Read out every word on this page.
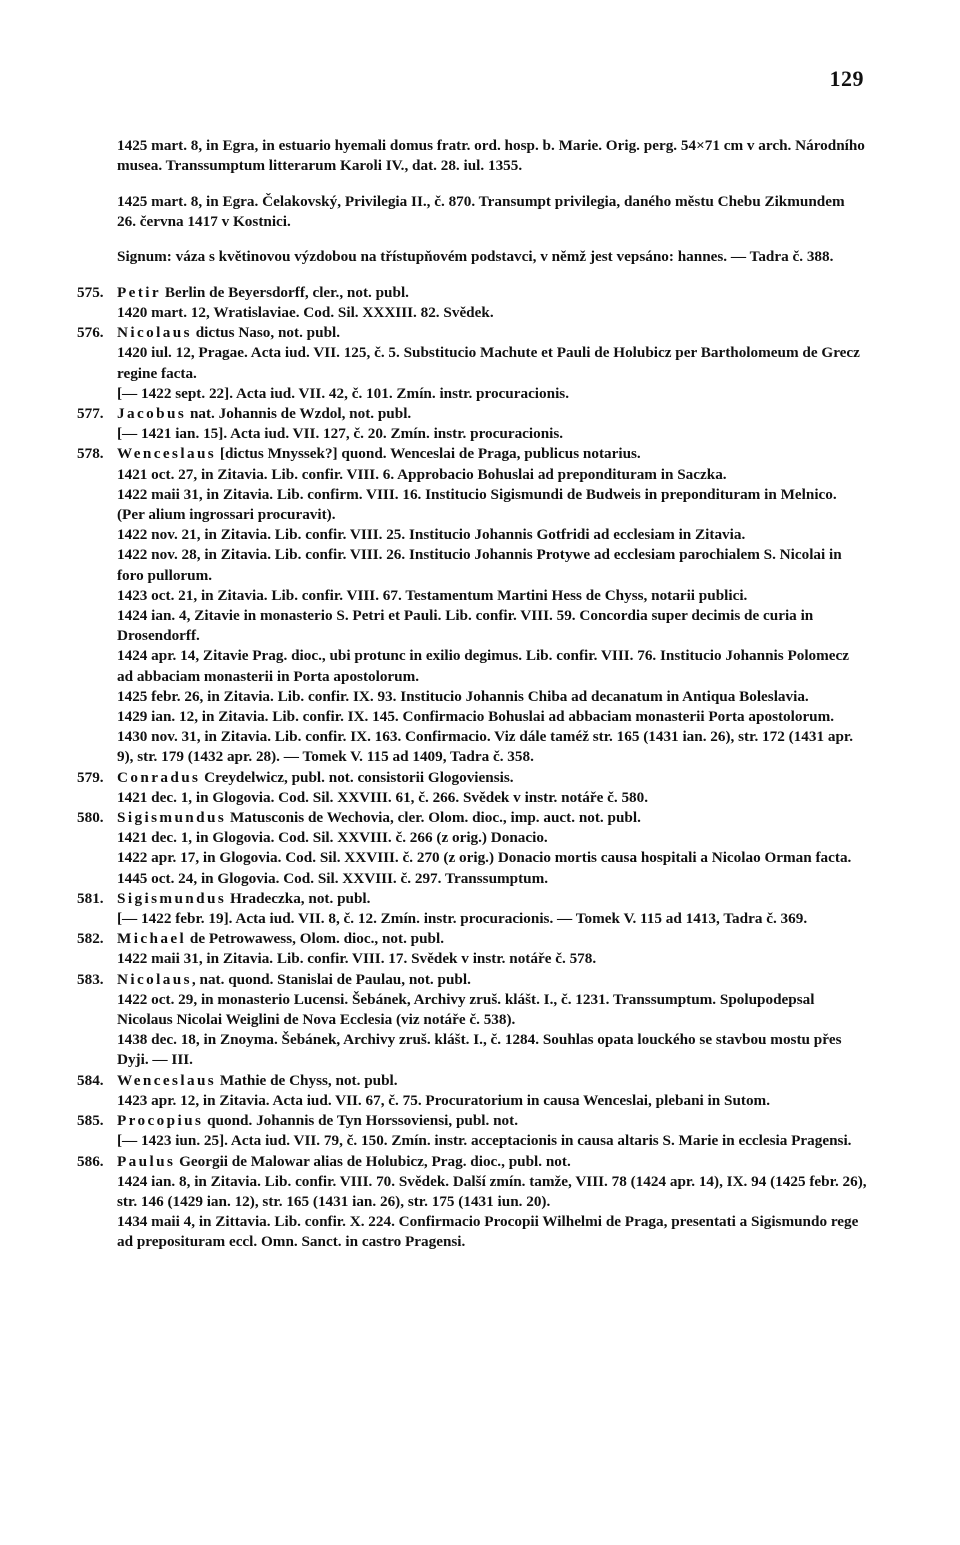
129

1425 mart. 8, in Egra, in estuario hyemali domus fratr. ord. hosp. b. Marie. Orig. perg. 54×71 cm v arch. Národního musea. Transsumptum litterarum Karoli IV., dat. 28. iul. 1355.

1425 mart. 8, in Egra. Čelakovský, Privilegia II., č. 870. Transumpt privilegia, daného městu Chebu Zikmundem 26. června 1417 v Kostnici.

Signum: váza s květinovou výzdobou na třístupňovém podstavci, v němž jest vepsáno: hannes. — Tadra č. 388.

575. Petir Berlin de Beyersdorff, cler., not. publ.

1420 mart. 12, Wratislaviae. Cod. Sil. XXXIII. 82. Svědek.

576. Nicolaus dictus Naso, not. publ.

1420 iul. 12, Pragae. Acta iud. VII. 125, č. 5. Substitucio Machute et Pauli de Holubicz per Bartholomeum de Grecz regine facta.

[— 1422 sept. 22]. Acta iud. VII. 42, č. 101. Zmín. instr. procuracionis.

577. Jacobus nat. Johannis de Wzdol, not. publ.

[— 1421 ian. 15]. Acta iud. VII. 127, č. 20. Zmín. instr. procuracionis.

578. Wenceslaus [dictus Mnyssek?] quond. Wenceslai de Praga, publicus notarius.

1421 oct. 27, in Zitavia. Lib. confir. VIII. 6. Approbacio Bohuslai ad prepondituram in Saczka.

1422 maii 31, in Zitavia. Lib. confirm. VIII. 16. Institucio Sigismundi de Budweis in prepondituram in Melnico. (Per alium ingrossari procuravit).

1422 nov. 21, in Zitavia. Lib. confir. VIII. 25. Institucio Johannis Gotfridi ad ecclesiam in Zitavia.

1422 nov. 28, in Zitavia. Lib. confir. VIII. 26. Institucio Johannis Protywe ad ecclesiam parochialem S. Nicolai in foro pullorum.

1423 oct. 21, in Zitavia. Lib. confir. VIII. 67. Testamentum Martini Hess de Chyss, notarii publici.

1424 ian. 4, Zitavie in monasterio S. Petri et Pauli. Lib. confir. VIII. 59. Concordia super decimis de curia in Drosendorff.

1424 apr. 14, Zitavie Prag. dioc., ubi protunc in exilio degimus. Lib. confir. VIII. 76. Institucio Johannis Polomecz ad abbaciam monasterii in Porta apostolorum.

1425 febr. 26, in Zitavia. Lib. confir. IX. 93. Institucio Johannis Chiba ad decanatum in Antiqua Boleslavia.

1429 ian. 12, in Zitavia. Lib. confir. IX. 145. Confirmacio Bohuslai ad abbaciam monasterii Porta apostolorum.

1430 nov. 31, in Zitavia. Lib. confir. IX. 163. Confirmacio. Viz dále taméž str. 165 (1431 ian. 26), str. 172 (1431 apr. 9), str. 179 (1432 apr. 28). — Tomek V. 115 ad 1409, Tadra č. 358.

579. Conradus Creydelwicz, publ. not. consistorii Glogoviensis.

1421 dec. 1, in Glogovia. Cod. Sil. XXVIII. 61, č. 266. Svědek v instr. notáře č. 580.

580. Sigismundus Matusconis de Wechovia, cler. Olom. dioc., imp. auct. not. publ.

1421 dec. 1, in Glogovia. Cod. Sil. XXVIII. č. 266 (z orig.) Donacio.

1422 apr. 17, in Glogovia. Cod. Sil. XXVIII. č. 270 (z orig.) Donacio mortis causa hospitali a Nicolao Orman facta.

1445 oct. 24, in Glogovia. Cod. Sil. XXVIII. č. 297. Transsumptum.

581. Sigismundus Hradeczka, not. publ.

[— 1422 febr. 19]. Acta iud. VII. 8, č. 12. Zmín. instr. procuracionis. — Tomek V. 115 ad 1413, Tadra č. 369.

582. Michael de Petrowawess, Olom. dioc., not. publ.

1422 maii 31, in Zitavia. Lib. confir. VIII. 17. Svědek v instr. notáře č. 578.

583. Nicolaus, nat. quond. Stanislai de Paulau, not. publ.

1422 oct. 29, in monasterio Lucensi. Šebánek, Archivy zruš. klášt. I., č. 1231. Transsumptum. Spolupodepsal Nicolaus Nicolai Weiglini de Nova Ecclesia (viz notáře č. 538).

1438 dec. 18, in Znoyma. Šebánek, Archivy zruš. klášt. I., č. 1284. Souhlas opata louckého se stavbou mostu přes Dyji. — III.

584. Wenceslaus Mathie de Chyss, not. publ.

1423 apr. 12, in Zitavia. Acta iud. VII. 67, č. 75. Procuratorium in causa Wenceslai, plebani in Sutom.

585. Procopius quond. Johannis de Tyn Horssoviensi, publ. not.

[— 1423 iun. 25]. Acta iud. VII. 79, č. 150. Zmín. instr. acceptacionis in causa altaris S. Marie in ecclesia Pragensi.

586. Paulus Georgii de Malowar alias de Holubicz, Prag. dioc., publ. not.

1424 ian. 8, in Zitavia. Lib. confir. VIII. 70. Svědek. Další zmín. tamže, VIII. 78 (1424 apr. 14), IX. 94 (1425 febr. 26), str. 146 (1429 ian. 12), str. 165 (1431 ian. 26), str. 175 (1431 iun. 20).

1434 maii 4, in Zittavia. Lib. confir. X. 224. Confirmacio Procopii Wilhelmi de Praga, presentati a Sigismundo rege ad preposituram eccl. Omn. Sanct. in castro Pragensi.
